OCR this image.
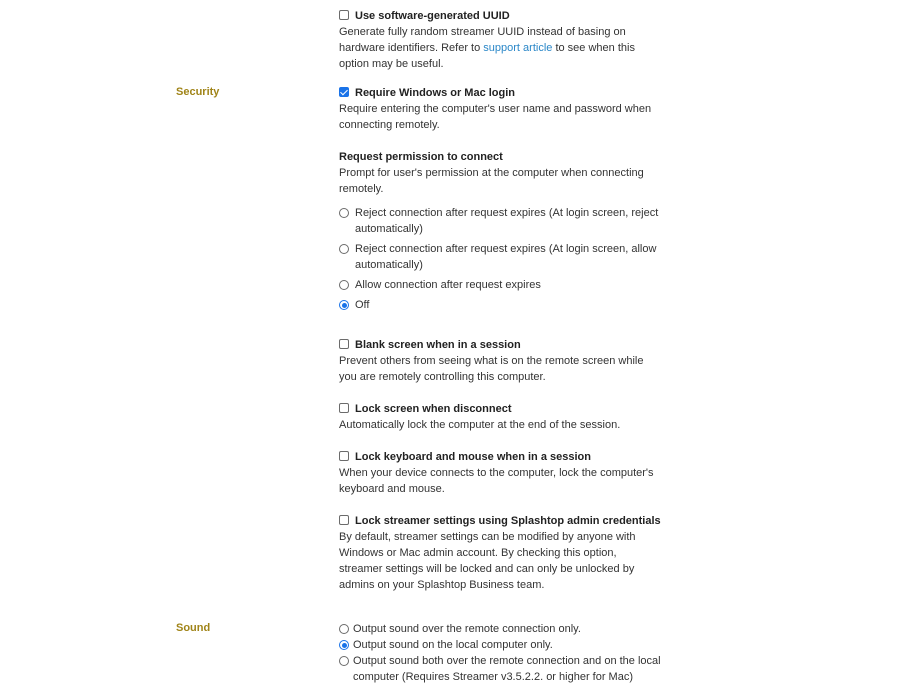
Use software-generated UUID
Generate fully random streamer UUID instead of basing on hardware identifiers. Refer to support article to see when this option may be useful.
Security	Require Windows or Mac login
Require entering the computer's user name and password when connecting remotely.
Request permission to connect
Prompt for user's permission at the computer when connecting remotely.
Reject connection after request expires (At login screen, reject automatically)
Reject connection after request expires (At login screen, allow automatically)
Allow connection after request expires
Off
Blank screen when in a session
Prevent others from seeing what is on the remote screen while you are remotely controlling this computer.
Lock screen when disconnect
Automatically lock the computer at the end of the session.
Lock keyboard and mouse when in a session
When your device connects to the computer, lock the computer's keyboard and mouse.
Lock streamer settings using Splashtop admin credentials
By default, streamer settings can be modified by anyone with Windows or Mac admin account. By checking this option, streamer settings will be locked and can only be unlocked by admins on your Splashtop Business team.
Sound	Output sound over the remote connection only.
Output sound on the local computer only.
Output sound both over the remote connection and on the local computer (Requires Streamer v3.5.2.2. or higher for Mac)
